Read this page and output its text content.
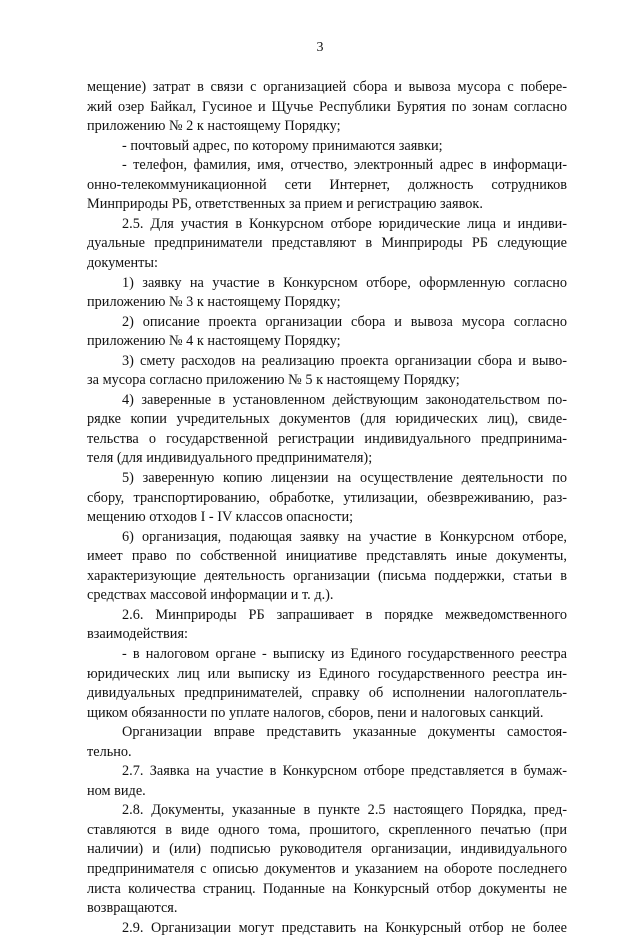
3
мещение) затрат в связи с организацией сбора и вывоза мусора с побере-
жий озер Байкал, Гусиное и Щучье Республики Бурятия по зонам согласно
приложению № 2 к настоящему Порядку;
- почтовый адрес, по которому принимаются заявки;
- телефон, фамилия, имя, отчество, электронный адрес в информаци-
онно-телекоммуникационной сети Интернет, должность сотрудников
Минприроды РБ, ответственных за прием и регистрацию заявок.
2.5. Для участия в Конкурсном отборе юридические лица и индиви-
дуальные предприниматели представляют в Минприроды РБ следующие
документы:
1) заявку на участие в Конкурсном отборе, оформленную согласно
приложению № 3 к настоящему Порядку;
2) описание проекта организации сбора и вывоза мусора согласно
приложению № 4 к настоящему Порядку;
3) смету расходов на реализацию проекта организации сбора и выво-
за мусора согласно приложению № 5 к настоящему Порядку;
4) заверенные в установленном действующим законодательством по-
рядке копии учредительных документов (для юридических лиц), свиде-
тельства о государственной регистрации индивидуального предпринима-
теля (для индивидуального предпринимателя);
5) заверенную копию лицензии на осуществление деятельности по
сбору, транспортированию, обработке, утилизации, обезвреживанию, раз-
мещению отходов I - IV классов опасности;
6) организация, подающая заявку на участие в Конкурсном отборе,
имеет право по собственной инициативе представлять иные документы,
характеризующие деятельность организации (письма поддержки, статьи в
средствах массовой информации и т. д.).
2.6. Минприроды РБ запрашивает в порядке межведомственного
взаимодействия:
- в налоговом органе - выписку из Единого государственного реестра
юридических лиц или выписку из Единого государственного реестра ин-
дивидуальных предпринимателей, справку об исполнении налогоплатель-
щиком обязанности по уплате налогов, сборов, пени и налоговых санкций.
Организации вправе представить указанные документы самостоя-
тельно.
2.7. Заявка на участие в Конкурсном отборе представляется в бумаж-
ном виде.
2.8. Документы, указанные в пункте 2.5 настоящего Порядка, пред-
ставляются в виде одного тома, прошитого, скрепленного печатью (при
наличии) и (или) подписью руководителя организации, индивидуального
предпринимателя с описью документов и указанием на обороте последнего
листа количества страниц. Поданные на Конкурсный отбор документы не
возвращаются.
2.9. Организации могут представить на Конкурсный отбор не более
